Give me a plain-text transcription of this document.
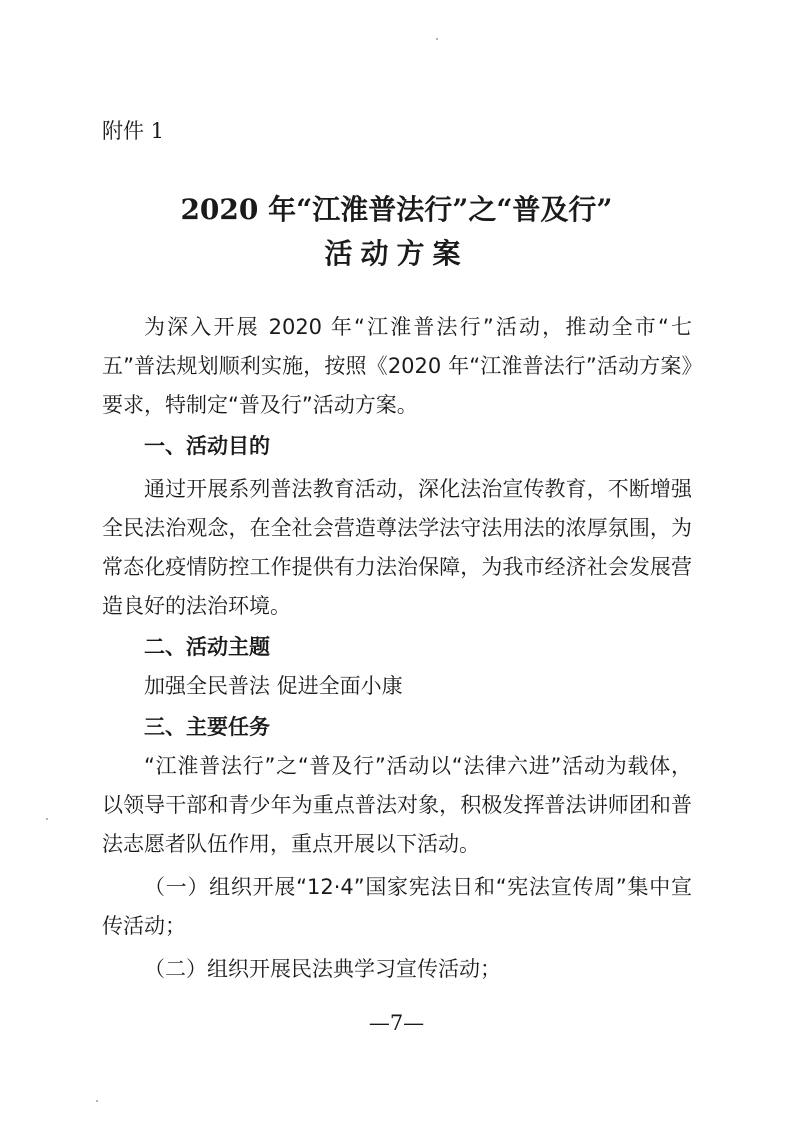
附件 1
2020 年“江淮普法行”之“普及行”
活动方案

为深入开展 2020 年“江淮普法行”活动，推动全市“七五”普法规划顺利实施，按照《2020 年“江淮普法行”活动方案》要求，特制定“普及行”活动方案。

一、活动目的

通过开展系列普法教育活动，深化法治宣传教育，不断增强全民法治观念，在全社会营造尊法学法守法用法的浓厚氛围，为常态化疫情防控工作提供有力法治保障，为我市经济社会发展营造良好的法治环境。

二、活动主题

加强全民普法 促进全面小康

三、主要任务

“江淮普法行”之“普及行”活动以“法律六进”活动为载体，以领导干部和青少年为重点普法对象，积极发挥普法讲师团和普法志愿者队伍作用，重点开展以下活动。

（一）组织开展“12·4”国家宪法日和“宪法宣传周”集中宣传活动；

（二）组织开展民法典学习宣传活动；

—7—
